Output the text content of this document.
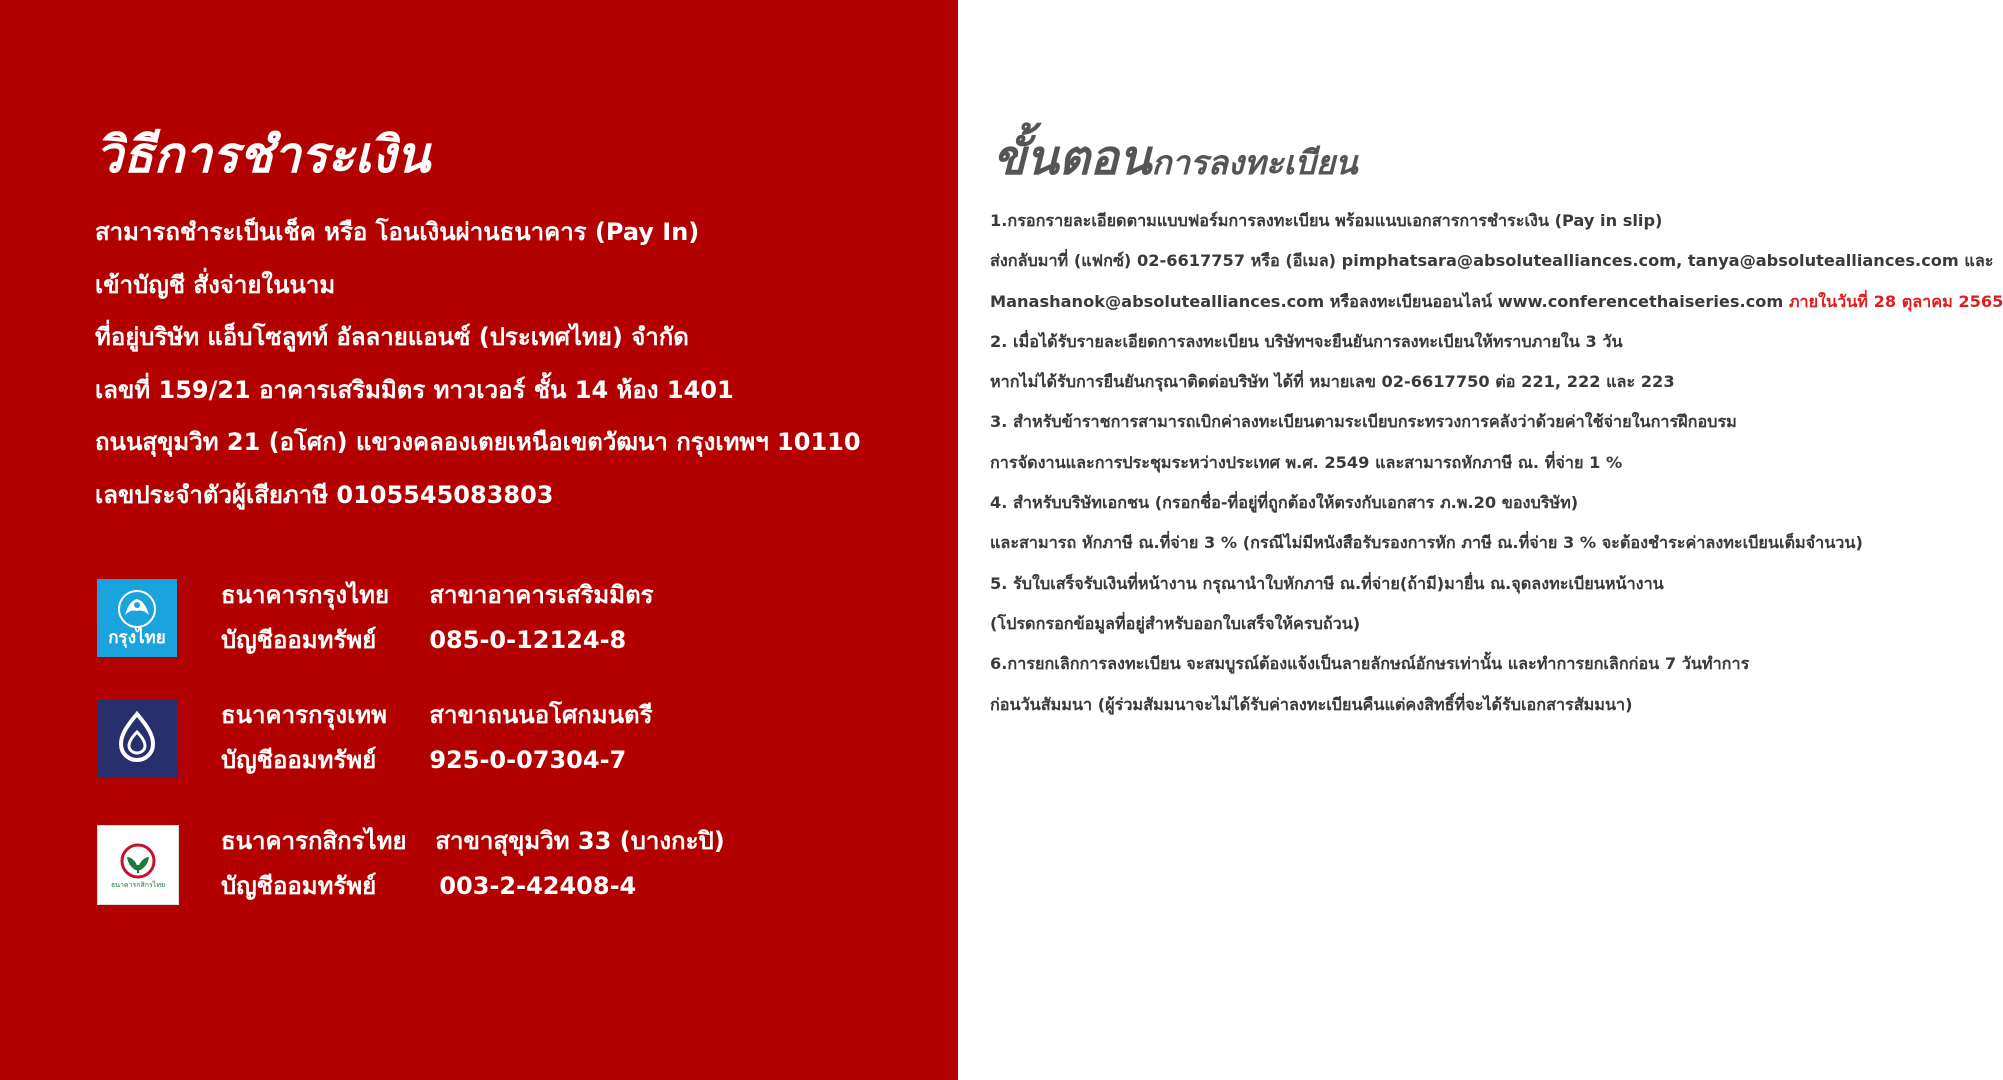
วิธีการชำระเงิน
สามารถชำระเป็นเช็ค หรือ โอนเงินผ่านธนาคาร (Pay In)
เข้าบัญชี สั่งจ่ายในนาม
ที่อยู่บริษัท แอ็บโซลูทท์ อัลลายแอนซ์ (ประเทศไทย) จำกัด
เลขที่ 159/21 อาคารเสริมมิตร ทาวเวอร์ ชั้น 14 ห้อง 1401
ถนนสุขุมวิท 21 (อโศก) แขวงคลองเตยเหนือเขตวัฒนา กรุงเทพฯ 10110
เลขประจำตัวผู้เสียภาษี 0105545083803
กรุงไทย
ธนาคารกรุงไทย สาขาอาคารเสริมมิตร
บัญชีออมทรัพย์ 085-0-12124-8
ธนาคารกรุงเทพ สาขาถนนอโศกมนตรี
บัญชีออมทรัพย์ 925-0-07304-7
ธนาคารกสิกรไทย
ธนาคารกสิกรไทย สาขาสุขุมวิท 33 (บางกะปิ)
บัญชีออมทรัพย์	003-2-42408-4
ขั้นตอนการลงทะเบียน
1.กรอกรายละเอียดตามแบบฟอร์มการลงทะเบียน พร้อมแนบเอกสารการชำระเงิน (Pay in slip)
ส่งกลับมาที่ (แฟกซ์) 02-6617757 หรือ (อีเมล) pimphatsara@absolutealliances.com, tanya@absolutealliances.com และ
Manashanok@absolutealliances.com หรือลงทะเบียนออนไลน์ www.conferencethaiseries.com ภายในวันที่ 28 ตุลาคม 2565
2. เมื่อได้รับรายละเอียดการลงทะเบียน บริษัทฯจะยืนยันการลงทะเบียนให้ทราบภายใน 3 วัน
หากไม่ได้รับการยืนยันกรุณาติดต่อบริษัท ได้ที่ หมายเลข 02-6617750 ต่อ 221, 222 และ 223
3. สำหรับข้าราชการสามารถเบิกค่าลงทะเบียนตามระเบียบกระทรวงการคลังว่าด้วยค่าใช้จ่ายในการฝึกอบรม
การจัดงานและการประชุมระหว่างประเทศ พ.ศ. 2549 และสามารถหักภาษี ณ. ที่จ่าย 1 %
4. สำหรับบริษัทเอกชน (กรอกชื่อ-ที่อยู่ที่ถูกต้องให้ตรงกับเอกสาร ภ.พ.20 ของบริษัท)
และสามารถ หักภาษี ณ.ที่จ่าย 3 % (กรณีไม่มีหนังสือรับรองการหัก ภาษี ณ.ที่จ่าย 3 % จะต้องชำระค่าลงทะเบียนเต็มจำนวน)
5. รับใบเสร็จรับเงินที่หน้างาน กรุณานำใบหักภาษี ณ.ที่จ่าย(ถ้ามี)มายื่น ณ.จุดลงทะเบียนหน้างาน
(โปรดกรอกข้อมูลที่อยู่สำหรับออกใบเสร็จให้ครบถ้วน)
6.การยกเลิกการลงทะเบียน จะสมบูรณ์ต้องแจ้งเป็นลายลักษณ์อักษรเท่านั้น และทำการยกเลิกก่อน 7 วันทำการ
ก่อนวันสัมมนา (ผู้ร่วมสัมมนาจะไม่ได้รับค่าลงทะเบียนคืนแต่คงสิทธิ์ที่จะได้รับเอกสารสัมมนา)
